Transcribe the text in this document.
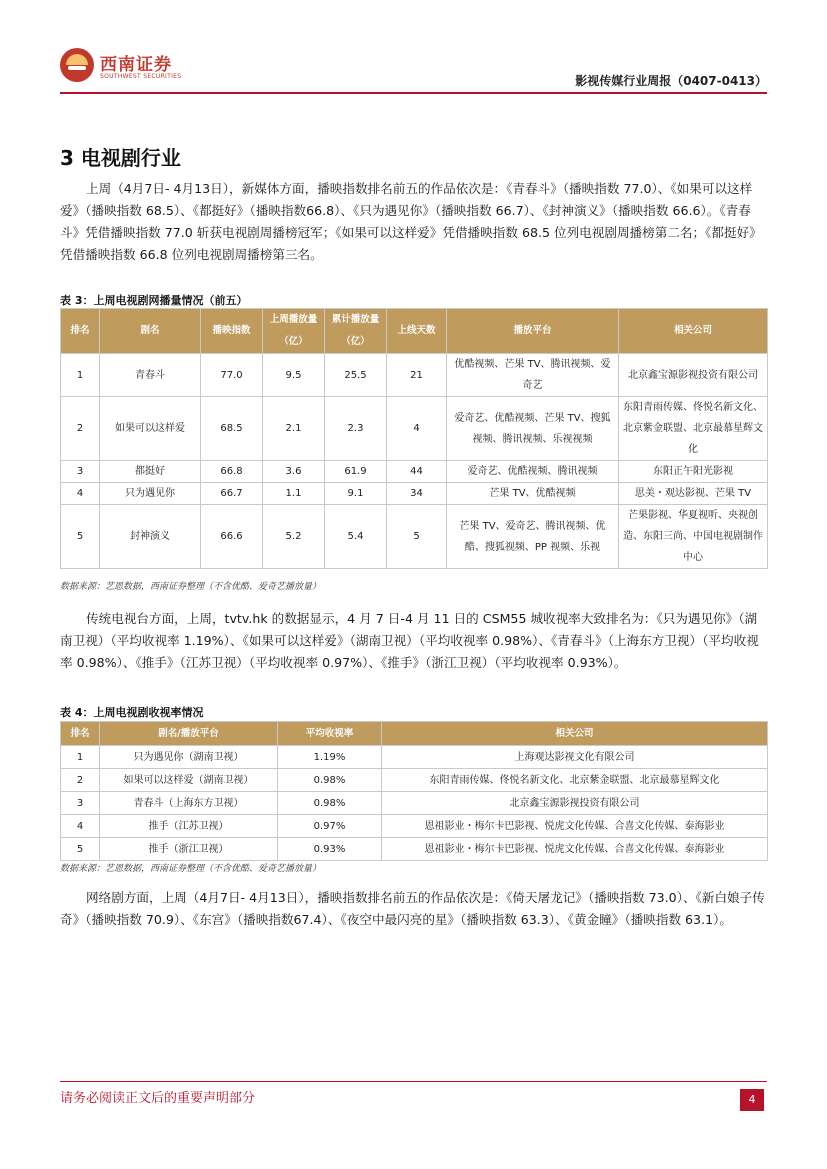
西南证券
SOUTHWEST SECURITIES	影视传媒行业周报（0407-0413）
3 电视剧行业
上周（4月7日- 4月13日），新媒体方面，播映指数排名前五的作品依次是：《青春斗》（播映指数 77.0）、《如果可以这样爱》（播映指数 68.5）、《都挺好》（播映指数66.8）、《只为遇见你》（播映指数 66.7）、《封神演义》（播映指数 66.6）。《青春斗》凭借播映指数 77.0 斩获电视剧周播榜冠军；《如果可以这样爱》凭借播映指数 68.5 位列电视剧周播榜第二名；《都挺好》凭借播映指数 66.8 位列电视剧周播榜第三名。
表 3：上周电视剧网播量情况（前五）
排名	剧名	播映指数	上周播放量（亿）	累计播放量（亿）	上线天数	播放平台	相关公司
1	青春斗	77.0	9.5	25.5	21	优酷视频、芒果 TV、腾讯视频、爱奇艺	北京鑫宝源影视投资有限公司
2	如果可以这样爱	68.5	2.1	2.3	4	爱奇艺、优酷视频、芒果 TV、搜狐视频、腾讯视频、乐视视频	东阳青雨传媒、佟悦名新文化、北京紫金联盟、北京最慕星辉文化
3	都挺好	66.8	3.6	61.9	44	爱奇艺、优酷视频、腾讯视频	东阳正午阳光影视
4	只为遇见你	66.7	1.1	9.1	34	芒果 TV、优酷视频	思美・观达影视、芒果 TV
5	封神演义	66.6	5.2	5.4	5	芒果 TV、爱奇艺、腾讯视频、优酷、搜狐视频、PP 视频、乐视	芒果影视、华夏视听、央视创造、东阳三尚、中国电视剧制作中心
数据来源：艺恩数据，西南证券整理（不含优酷、爱奇艺播放量）
传统电视台方面，上周，tvtv.hk 的数据显示，4 月 7 日-4 月 11 日的 CSM55 城收视率大致排名为：《只为遇见你》（湖南卫视）（平均收视率 1.19%）、《如果可以这样爱》（湖南卫视）（平均收视率 0.98%）、《青春斗》（上海东方卫视）（平均收视率 0.98%）、《推手》（江苏卫视）（平均收视率 0.97%）、《推手》（浙江卫视）（平均收视率 0.93%）。
表 4：上周电视剧收视率情况
排名	剧名/播放平台	平均收视率	相关公司
1	只为遇见你（湖南卫视）	1.19%	上海观达影视文化有限公司
2	如果可以这样爱（湖南卫视）	0.98%	东阳青雨传媒、佟悦名新文化、北京紫金联盟、北京最慕星辉文化
3	青春斗（上海东方卫视）	0.98%	北京鑫宝源影视投资有限公司
4	推手（江苏卫视）	0.97%	恩祖影业・梅尔卡巴影视、悦虎文化传媒、合喜文化传媒、泰海影业
5	推手（浙江卫视）	0.93%	恩祖影业・梅尔卡巴影视、悦虎文化传媒、合喜文化传媒、泰海影业
数据来源：艺恩数据，西南证券整理（不含优酷、爱奇艺播放量）
网络剧方面，上周（4月7日- 4月13日），播映指数排名前五的作品依次是：《倚天屠龙记》（播映指数 73.0）、《新白娘子传奇》（播映指数 70.9）、《东宫》（播映指数67.4）、《夜空中最闪亮的星》（播映指数 63.3）、《黄金瞳》（播映指数 63.1）。
请务必阅读正文后的重要声明部分	4
